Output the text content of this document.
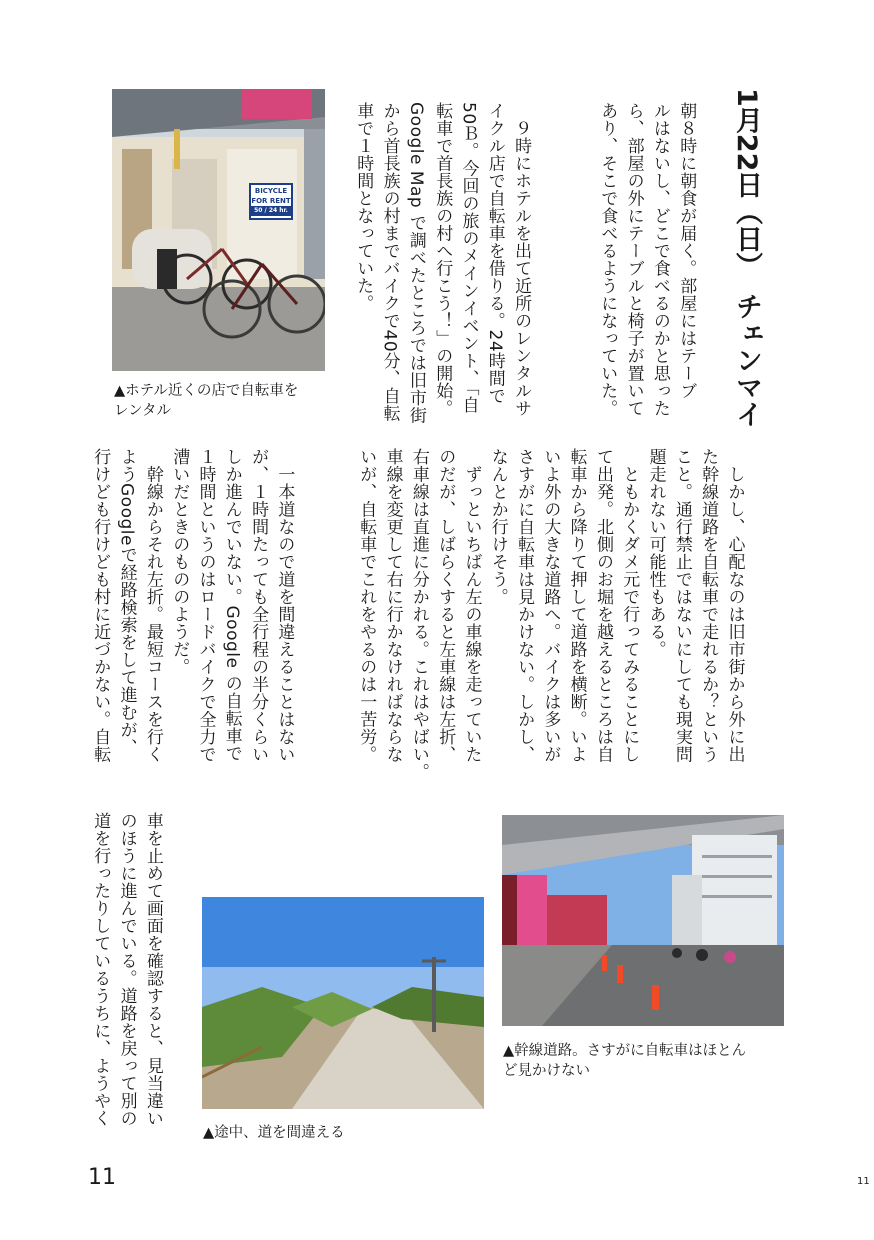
1月22日（日）　チェンマイ

朝８時に朝食が届く。部屋にはテーブ
ルはないし、どこで食べるのかと思った
ら、部屋の外にテーブルと椅子が置いて
あり、そこで食べるようになっていた。

　９時にホテルを出て近所のレンタルサ
イクル店で自転車を借りる。24時間で
50Ｂ。今回の旅のメインイベント、「自
転車で首長族の村へ行こう！」の開始。
Google Map で調べたところでは旧市街
から首長族の村までバイクで40分、自転
車で１時間となっていた。

BICYCLE
FOR RENT
50 / 24 hr.

▲ホテル近くの店で自転車を
レンタル

　しかし、心配なのは旧市街から外に出
た幹線道路を自転車で走れるか？という
こと。通行禁止ではないにしても現実問
題走れない可能性もある。
　ともかくダメ元で行ってみることにし
て出発。北側のお堀を越えるところは自
転車から降りて押して道路を横断。いよ
いよ外の大きな道路へ。バイクは多いが
さすがに自転車は見かけない。しかし、
なんとか行けそう。
　ずっといちばん左の車線を走っていた
のだが、しばらくすると左車線は左折、
右車線は直進に分かれる。これはやばい。
車線を変更して右に行かなければならな
いが、自転車でこれをやるのは一苦労。

　一本道なので道を間違えることはない
が、１時間たっても全行程の半分くらい
しか進んでいない。Google の自転車で
１時間というのはロードバイクで全力で
漕いだときのもののようだ。
　幹線からそれ左折。最短コースを行く
ようGoogleで経路検索をして進むが、
行けども行けども村に近づかない。自転

▲幹線道路。さすがに自転車はほとん
ど見かけない

車を止めて画面を確認すると、見当違い
のほうに進んでいる。道路を戻って別の
道を行ったりしているうちに、ようやく

▲途中、道を間違える

11	11
